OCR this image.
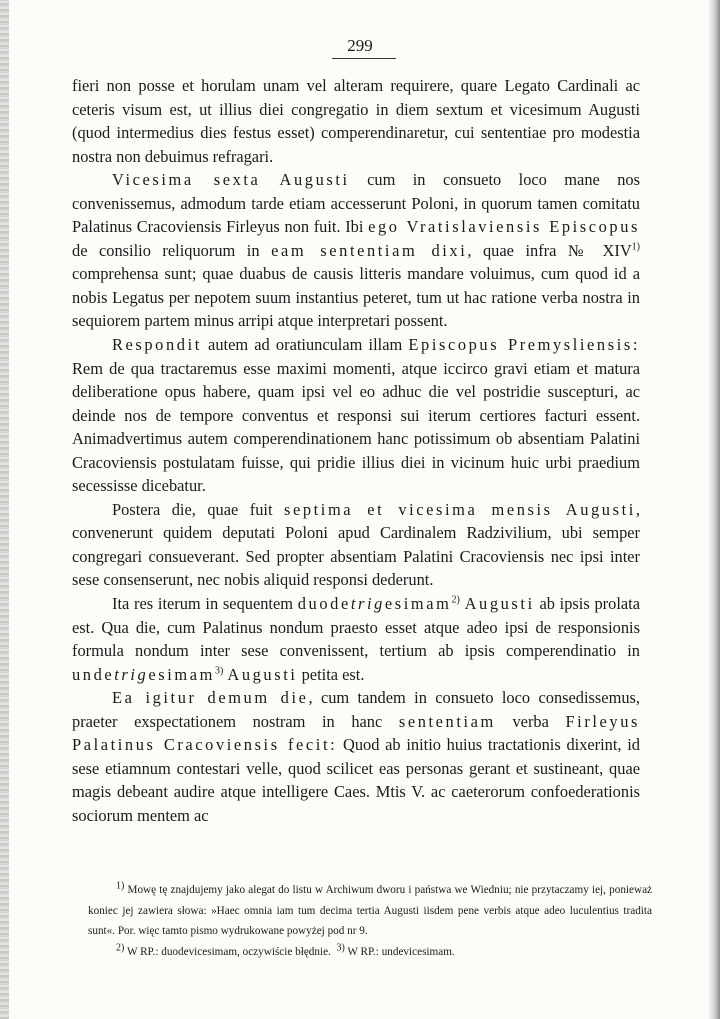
299

fieri non posse et horulam unam vel alteram requirere, quare Legato Cardinali ac ceteris visum est, ut illius diei congregatio in diem sextum et vicesimum Augusti (quod intermedius dies festus esset) comperendinaretur, cui sententiae pro modestia nostra non debuimus refragari.

Vicesima sexta Augusti cum in consueto loco mane nos convenissemus, admodum tarde etiam accesserunt Poloni, in quorum tamen comitatu Palatinus Cracoviensis Firleyus non fuit. Ibi ego Vratislaviensis Episcopus de consilio reliquorum in eam sententiam dixi, quae infra № XIV$^{1)}$ comprehensa sunt; quae duabus de causis litteris mandare voluimus, cum quod id a nobis Legatus per nepotem suum instantius peteret, tum ut hac ratione verba nostra in sequiorem partem minus arripi atque interpretari possent.

Respondit autem ad oratiunculam illam Episcopus Premysliensis: Rem de qua tractaremus esse maximi momenti, atque iccirco gravi etiam et matura deliberatione opus habere, quam ipsi vel eo adhuc die vel postridie suscepturi, ac deinde nos de tempore conventus et responsi sui iterum certiores facturi essent. Animadvertimus autem comperendinationem hanc potissimum ob absentiam Palatini Cracoviensis postulatam fuisse, qui pridie illius diei in vicinum huic urbi praedium secessisse dicebatur.

Postera die, quae fuit septima et vicesima mensis Augusti, convenerunt quidem deputati Poloni apud Cardinalem Radzivilium, ubi semper congregari consueverant. Sed propter absentiam Palatini Cracoviensis nec ipsi inter sese consenserunt, nec nobis aliquid responsi dederunt.

Ita res iterum in sequentem duodetrigesimam$^{2)}$ Augusti ab ipsis prolata est. Qua die, cum Palatinus nondum praesto esset atque adeo ipsi de responsionis formula nondum inter sese convenissent, tertium ab ipsis comperendinatio in undetrigesimam$^{3)}$ Augusti petita est.

Ea igitur demum die, cum tandem in consueto loco consedissemus, praeter exspectationem nostram in hanc sententiam verba Firleyus Palatinus Cracoviensis fecit: Quod ab initio huius tractationis dixerint, id sese etiamnum contestari velle, quod scilicet eas personas gerant et sustineant, quae magis debeant audire atque intelligere Caes. Mtis V. ac caeterorum confoederationis sociorum mentem ac

$^{1)}$ Mowę tę znajdujemy jako alegat do listu w Archiwum dworu i państwa we Wiedniu; nie przytaczamy iej, ponieważ koniec jej zawiera słowa: »Haec omnia iam tum decima tertia Augusti iisdem pene verbis atque adeo luculentius tradita sunt«. Por. więc tamto pismo wydrukowane powyżej pod nr 9.

$^{2)}$ W RP.: duodevicesimam, oczywiście błędnie. $^{3)}$ W RP.: undevicesimam.
